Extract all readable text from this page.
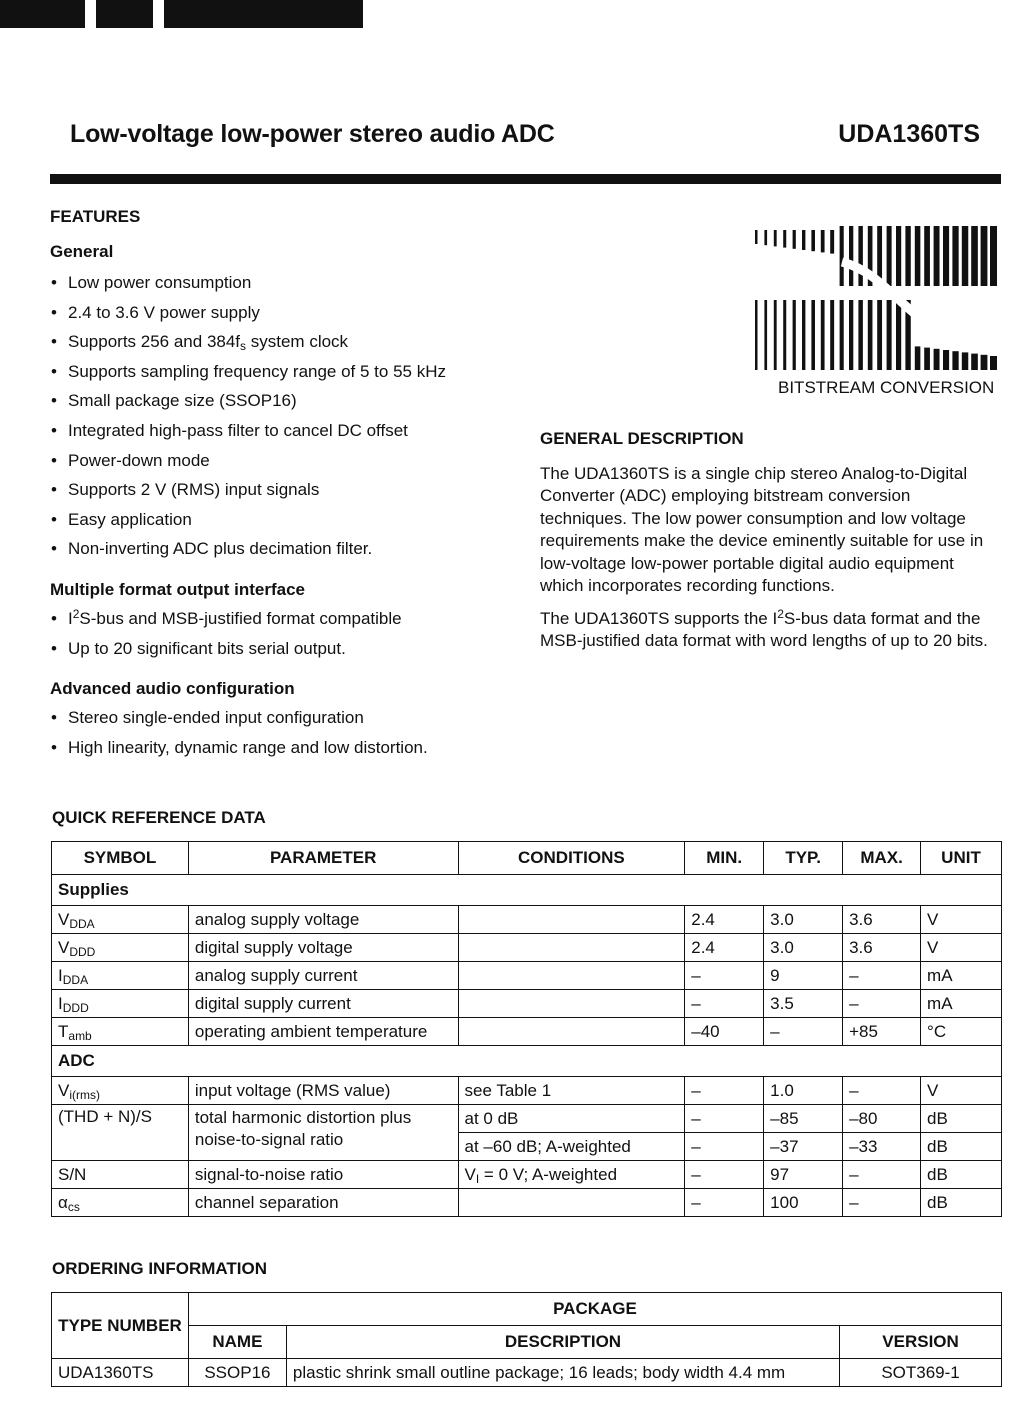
Low-voltage low-power stereo audio ADC	UDA1360TS

FEATURES

General

• Low power consumption
• 2.4 to 3.6 V power supply
• Supports 256 and $384f_s$ system clock
• Supports sampling frequency range of 5 to 55 kHz
• Small package size (SSOP16)
• Integrated high-pass filter to cancel DC offset
• Power-down mode
• Supports 2 V (RMS) input signals
• Easy application
• Non-inverting ADC plus decimation filter.

Multiple format output interface

• $I^2S$-bus and MSB-justified format compatible
• Up to 20 significant bits serial output.

Advanced audio configuration

• Stereo single-ended input configuration
• High linearity, dynamic range and low distortion.
BITSTREAM CONVERSION

GENERAL DESCRIPTION

The UDA1360TS is a single chip stereo Analog-to-Digital Converter (ADC) employing bitstream conversion techniques. The low power consumption and low voltage requirements make the device eminently suitable for use in low-voltage low-power portable digital audio equipment which incorporates recording functions.

The UDA1360TS supports the $I^2S$-bus data format and the MSB-justified data format with word lengths of up to 20 bits.

QUICK REFERENCE DATA

SYMBOL	PARAMETER	CONDITIONS	MIN.	TYP.	MAX.	UNIT
Supplies						
$V_{DDA}$	analog supply voltage		2.4	3.0	3.6	V
$V_{DDD}$	digital supply voltage		2.4	3.0	3.6	V
$I_{DDA}$	analog supply current		–	9	–	mA
$I_{DDD}$	digital supply current		–	3.5	–	mA
$T_{amb}$	operating ambient temperature		–40	–	+85	°C
ADC						
$V_{i(rms)}$	input voltage (RMS value)	see Table 1	–	1.0	–	V
(THD + N)/S	total harmonic distortion plus noise-to-signal ratio	at 0 dB	–	–85	–80	dB
		at –60 dB; A-weighted	–	–37	–33	dB
S/N	signal-to-noise ratio	$V_I = 0$ V; A-weighted	–	97	–	dB
$\alpha_{cs}$	channel separation		–	100	–	dB

ORDERING INFORMATION

TYPE NUMBER	PACKAGE		
	NAME	DESCRIPTION	VERSION
UDA1360TS	SSOP16	plastic shrink small outline package; 16 leads; body width 4.4 mm	SOT369-1
